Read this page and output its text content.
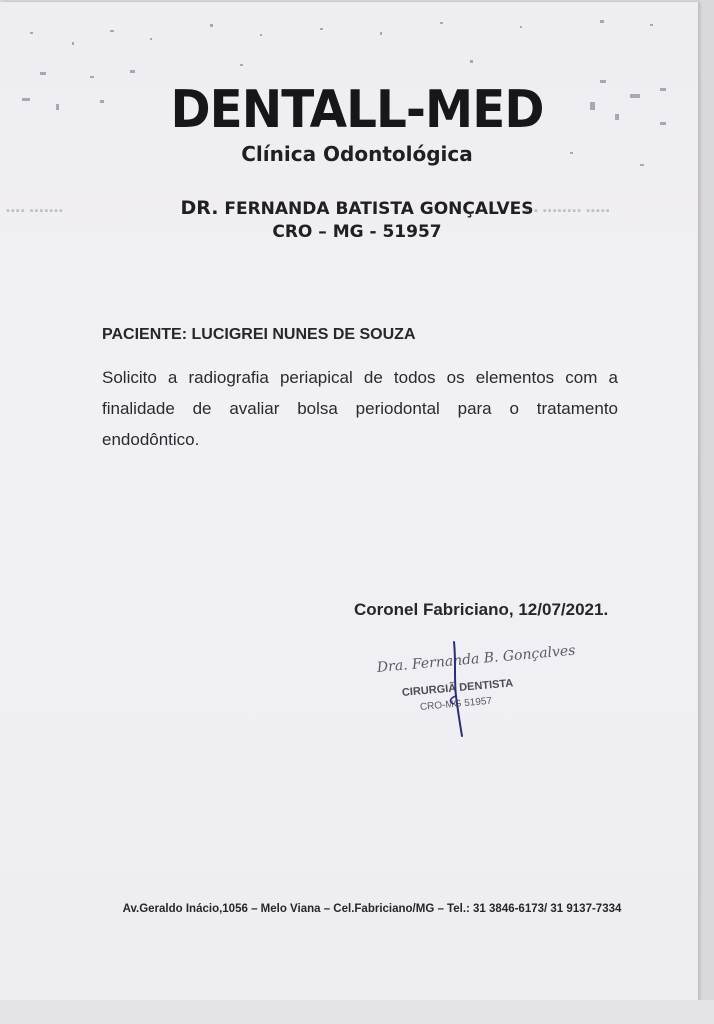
▪▪▪▪ ▪▪▪▪▪▪▪	▪ ▪ ▪▪▪▪▪▪▪▪ ▪▪▪▪▪
DENTALL-MED
Clínica Odontológica
DR. FERNANDA BATISTA GONÇALVES
CRO – MG - 51957
PACIENTE: LUCIGREI NUNES DE SOUZA
Solicito a radiografia periapical de todos os elementos com a finalidade de avaliar bolsa periodontal para o tratamento endodôntico.
Coronel Fabriciano, 12/07/2021.
Dra. Fernanda B. Gonçalves
CIRURGIÃ DENTISTA
CRO-MG 51957
Av.Geraldo Inácio,1056 – Melo Viana – Cel.Fabriciano/MG – Tel.: 31 3846-6173/ 31 9137-7334
